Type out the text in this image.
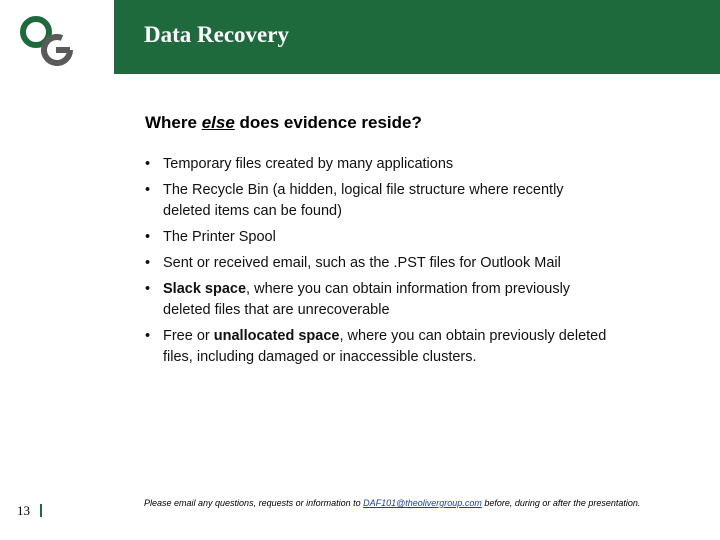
Data Recovery
Where else does evidence reside?
• Temporary files created by many applications
• The Recycle Bin (a hidden, logical file structure where recently deleted items can be found)
• The Printer Spool
• Sent or received email, such as the .PST files for Outlook Mail
• Slack space, where you can obtain information from previously deleted files that are unrecoverable
• Free or unallocated space, where you can obtain previously deleted files, including damaged or inaccessible clusters.
13	Please email any questions, requests or information to DAF101@theolivergroup.com before, during or after the presentation.
